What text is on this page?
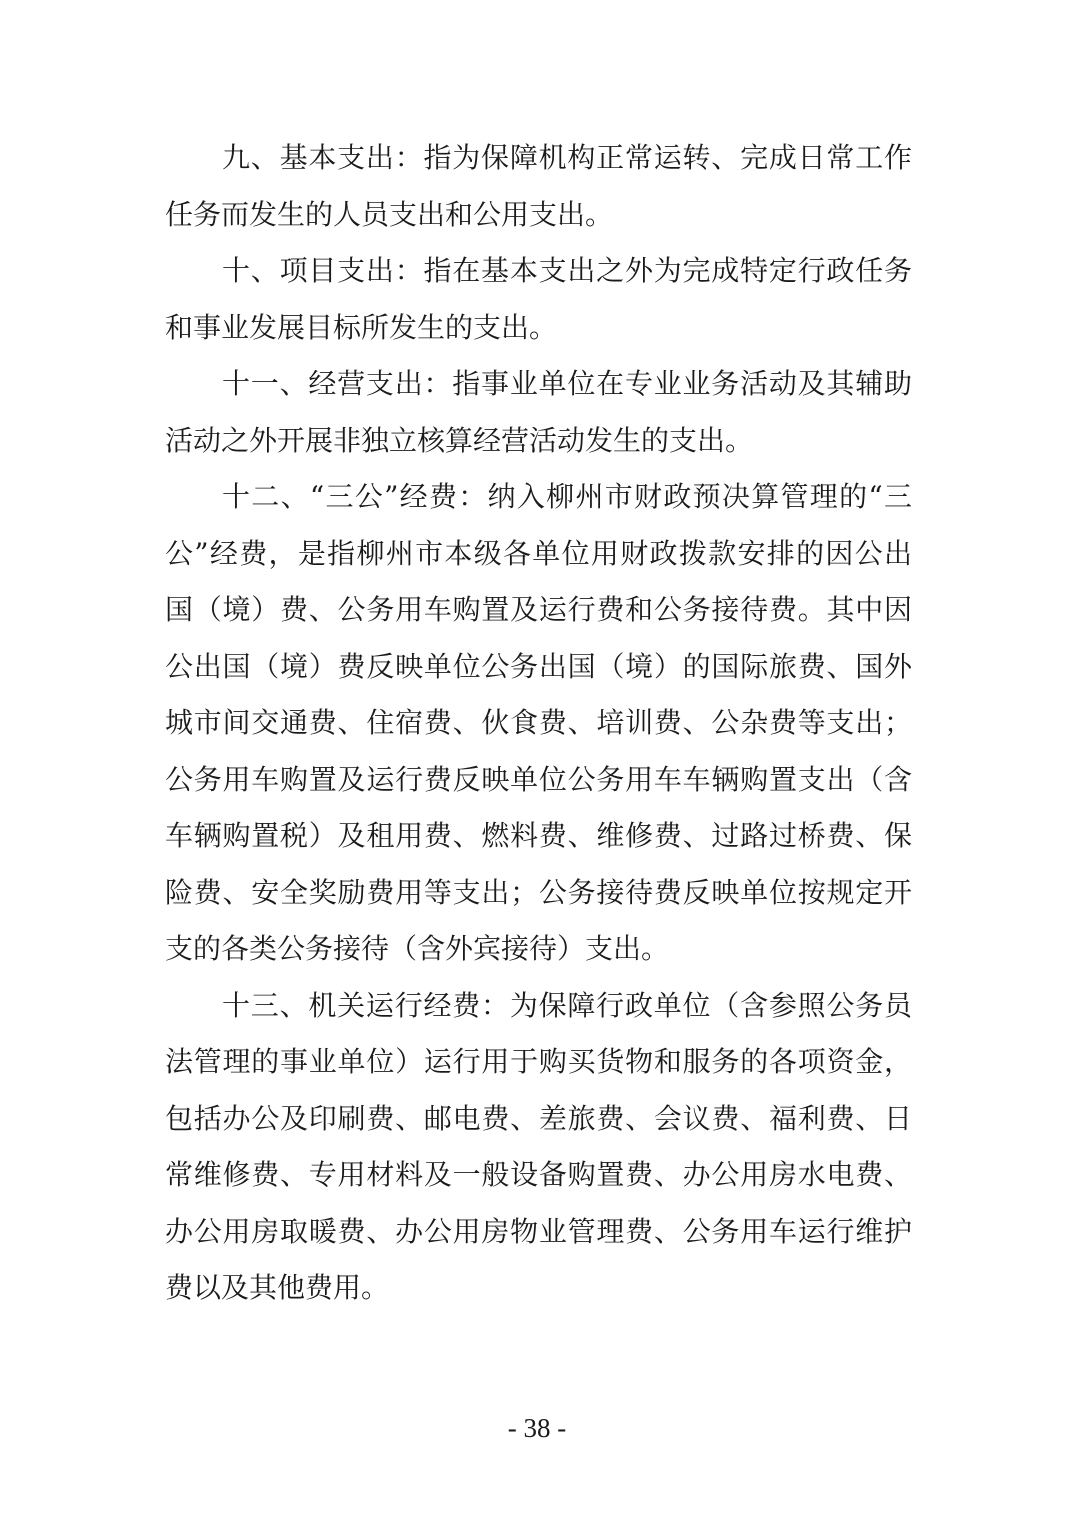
九、基本支出：指为保障机构正常运转、完成日常工作
任务而发生的人员支出和公用支出。
十、项目支出：指在基本支出之外为完成特定行政任务
和事业发展目标所发生的支出。
十一、经营支出：指事业单位在专业业务活动及其辅助
活动之外开展非独立核算经营活动发生的支出。
十二、“三公”经费：纳入柳州市财政预决算管理的“三
公”经费，是指柳州市本级各单位用财政拨款安排的因公出
国（境）费、公务用车购置及运行费和公务接待费。其中因
公出国（境）费反映单位公务出国（境）的国际旅费、国外
城市间交通费、住宿费、伙食费、培训费、公杂费等支出；
公务用车购置及运行费反映单位公务用车车辆购置支出（含
车辆购置税）及租用费、燃料费、维修费、过路过桥费、保
险费、安全奖励费用等支出；公务接待费反映单位按规定开
支的各类公务接待（含外宾接待）支出。
十三、机关运行经费：为保障行政单位（含参照公务员
法管理的事业单位）运行用于购买货物和服务的各项资金，
包括办公及印刷费、邮电费、差旅费、会议费、福利费、日
常维修费、专用材料及一般设备购置费、办公用房水电费、
办公用房取暖费、办公用房物业管理费、公务用车运行维护
费以及其他费用。
- 38 -
